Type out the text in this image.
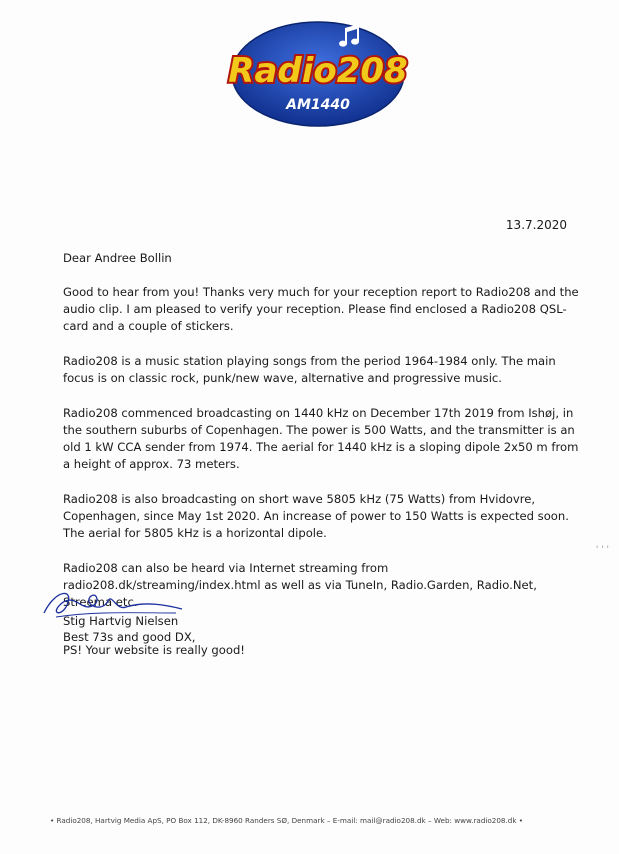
Radio208
AM1440
13.7.2020

Dear Andree Bollin

Good to hear from you! Thanks very much for your reception report to Radio208 and the audio clip. I am pleased to verify your reception. Please find enclosed a Radio208 QSL-card and a couple of stickers.

Radio208 is a music station playing songs from the period 1964-1984 only. The main focus is on classic rock, punk/new wave, alternative and progressive music.

Radio208 commenced broadcasting on 1440 kHz on December 17th 2019 from Ishøj, in the southern suburbs of Copenhagen. The power is 500 Watts, and the transmitter is an old 1 kW CCA sender from 1974. The aerial for 1440 kHz is a sloping dipole 2x50 m from a height of approx. 73 meters.

Radio208 is also broadcasting on short wave 5805 kHz (75 Watts) from Hvidovre, Copenhagen, since May 1st 2020. An increase of power to 150 Watts is expected soon. The aerial for 5805 kHz is a horizontal dipole.

Radio208 can also be heard via Internet streaming from radio208.dk/streaming/index.html as well as via TuneIn, Radio.Garden, Radio.Net, Streema etc.

Best 73s and good DX,

Stig Hartvig Nielsen
PS! Your website is really good!
' ' '
• Radio208, Hartvig Media ApS, PO Box 112, DK-8960 Randers SØ, Denmark – E-mail: mail@radio208.dk – Web: www.radio208.dk •
